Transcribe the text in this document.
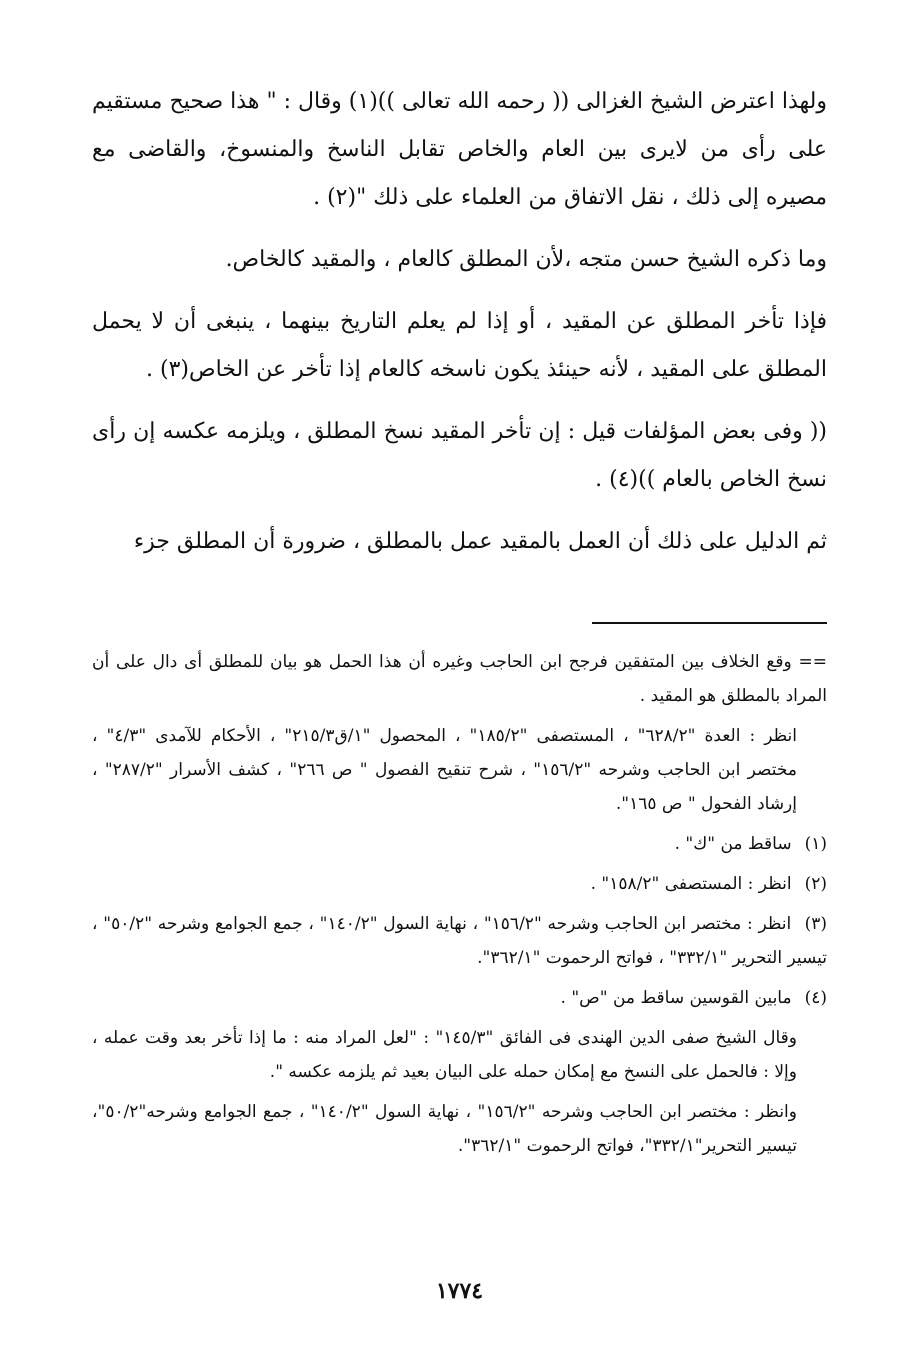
ولهذا اعترض الشيخ الغزالى (( رحمه الله تعالى ))(١) وقال : " هذا صحيح مستقيم على رأى من لايرى بين العام والخاص تقابل الناسخ والمنسوخ، والقاضى مع مصيره إلى ذلك ، نقل الاتفاق من العلماء على ذلك "(٢) .

وما ذكره الشيخ حسن متجه ،لأن المطلق كالعام ، والمقيد كالخاص.

فإذا تأخر المطلق عن المقيد ، أو إذا لم يعلم التاريخ بينهما ، ينبغى أن لا يحمل المطلق على المقيد ، لأنه حينئذ يكون ناسخه كالعام إذا تأخر عن الخاص(٣) .

(( وفى بعض المؤلفات قيل : إن تأخر المقيد نسخ المطلق ، ويلزمه عكسه إن رأى نسخ الخاص بالعام ))(٤) .

ثم الدليل على ذلك أن العمل بالمقيد عمل بالمطلق ، ضرورة أن المطلق جزء

== وقع الخلاف بين المتفقين فرجح ابن الحاجب وغيره أن هذا الحمل هو بيان للمطلق أى دال على أن المراد بالمطلق هو المقيد .

انظر : العدة "٦٢٨/٢" ، المستصفى "١٨٥/٢" ، المحصول "١/ق٢١٥/٣" ، الأحكام للآمدى "٤/٣" ، مختصر ابن الحاجب وشرحه "١٥٦/٢" ، شرح تنقيح الفصول " ص ٢٦٦" ، كشف الأسرار "٢٨٧/٢" ، إرشاد الفحول " ص ١٦٥".

(١) ساقط من "ك" .

(٢) انظر : المستصفى "١٥٨/٢" .

(٣) انظر : مختصر ابن الحاجب وشرحه "١٥٦/٢" ، نهاية السول "١٤٠/٢" ، جمع الجوامع وشرحه "٥٠/٢" ، تيسير التحرير "٣٣٢/١" ، فواتح الرحموت "٣٦٢/١".

(٤) مابين القوسين ساقط من "ص" .

وقال الشيخ صفى الدين الهندى فى الفائق "١٤٥/٣" : "لعل المراد منه : ما إذا تأخر بعد وقت عمله ، وإلا : فالحمل على النسخ مع إمكان حمله على البيان بعيد ثم يلزمه عكسه ".

وانظر : مختصر ابن الحاجب وشرحه "١٥٦/٢" ، نهاية السول "١٤٠/٢" ، جمع الجوامع وشرحه"٥٠/٢"، تيسير التحرير"٣٣٢/١"، فواتح الرحموت "٣٦٢/١".

١٧٧٤
